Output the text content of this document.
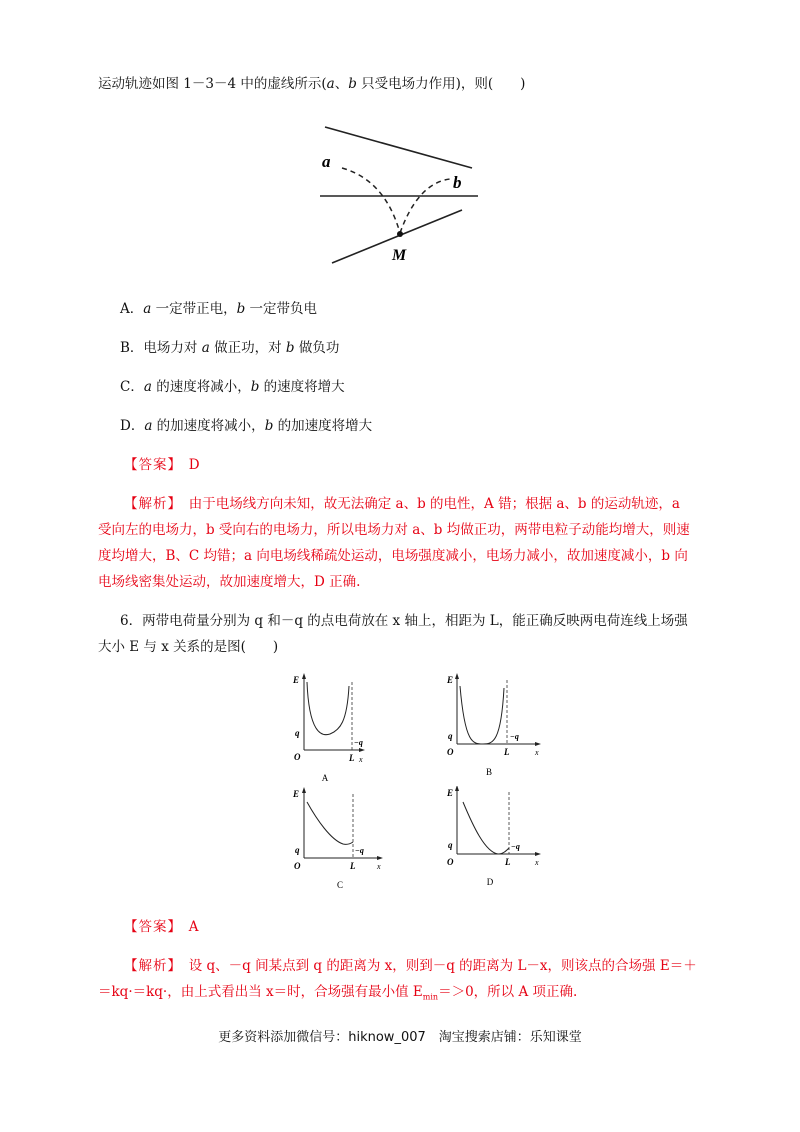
运动轨迹如图 1－3－4 中的虚线所示(a、b 只受电场力作用)，则(　　)
a
b
M
A．a 一定带正电，b 一定带负电
B．电场力对 a 做正功，对 b 做负功
C．a 的速度将减小，b 的速度将增大
D．a 的加速度将减小，b 的加速度将增大
【答案】　 D
【解析】　 由于电场线方向未知，故无法确定 a、b 的电性，A 错；根据 a、b 的运动轨迹，a
受向左的电场力，b 受向右的电场力，所以电场力对 a、b 均做正功，两带电粒子动能均增大，则速
度均增大，B、C 均错；a 向电场线稀疏处运动，电场强度减小，电场力减小，故加速度减小，b 向
电场线密集处运动，故加速度增大，D 正确.
6．两带电荷量分别为 q 和－q 的点电荷放在 x 轴上，相距为 L，能正确反映两电荷连线上场强
大小 E 与 x 关系的是图(　　)
E
q
O	L
−q
x
A
E
q
O	L
−q
x
B
E
q
O	L
−q
x
C
E
q
O	L
−q
x
D
【答案】　 A
【解析】　 设 q、－q 间某点到 q 的距离为 x，则到－q 的距离为 L－x，则该点的合场强 E＝＋
＝kq·＝kq·，由上式看出当 x＝时，合场强有最小值 $E_{min}=>0$，所以 A 项正确.
更多资料添加微信号：hiknow_007　淘宝搜索店铺：乐知课堂
